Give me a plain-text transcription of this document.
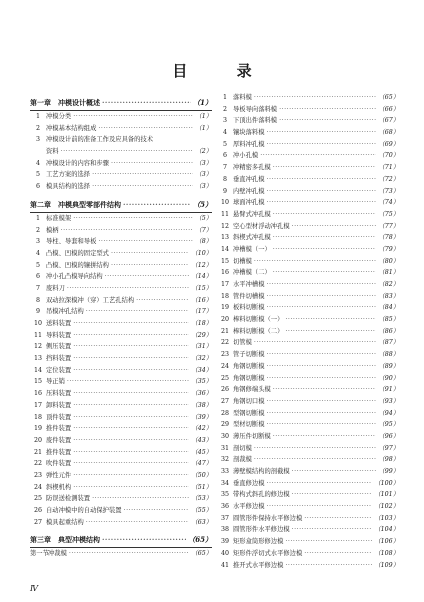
目 录
第一章　冲模设计概述 ·····	（1）
1 冲模分类 ·····	（1）
2 冲模基本结构组成 ·····	（1）
3 冲模设计前的准备工作及应具备的技术
资料 ·····	（2）
4 冲模设计的内容和步骤 ·····	（3）
5 工艺方案的选择 ·····	（3）
6 模具结构的选择 ·····	（3）
第二章　冲模典型零部件结构 ·····	（5）
1 标准模架 ·····	（5）
2 模柄 ·····	（7）
3 导柱、导套和导板 ·····	（8）
4 凸模、凹模的固定型式 ·····	（10）
5 凸模、凹模的镶拼结构 ·····	（12）
6 冲小孔凸模导向结构 ·····	（14）
7 废料刀 ·····	（15）
8 双动拉深模冲（穿）工艺孔结构 ·····	（16）
9 吊模冲孔结构 ·····	（17）
10 送料装置 ·····	（18）
11 导料装置 ·····	（29）
12 侧压装置 ·····	（31）
13 挡料装置 ·····	（32）
14 定位装置 ·····	（34）
15 导正销 ·····	（35）
16 压料装置 ·····	（36）
17 卸料装置 ·····	（38）
18 顶件装置 ·····	（39）
19 推件装置 ·····	（42）
20 废件装置 ·····	（43）
21 推件装置 ·····	（45）
22 吹件装置 ·····	（47）
23 弹性元件 ·····	（50）
24 斜楔机构 ·····	（51）
25 防误送检测装置 ·····	（53）
26 自动冲模中的自动保护装置 ·····	（55）
27 模具起重结构 ·····	（63）
第三章　典型冲模结构 ·····	（65）
第一节 冲裁模 ·····	（65）
1 落料模 ·····	（65）
2 导板导向落料模 ·····	（66）
3 下顶出件落料模 ·····	（67）
4 镶块落料模 ·····	（68）
5 厚料冲孔模 ·····	（69）
6 冲小孔模 ·····	（70）
7 冲精密多孔模 ·····	（71）
8 垂直冲孔模 ·····	（72）
9 内壁冲孔模 ·····	（73）
10 球面冲孔模 ·····	（74）
11 悬臂式冲孔模 ·····	（75）
12 空心型材浮动冲孔模 ·····	（77）
13 斜楔式冲孔模 ·····	（78）
14 冲槽模（一） ·····	（79）
15 切槽模 ·····	（80）
16 冲槽模（二） ·····	（81）
17 水平冲槽模 ·····	（82）
18 管件切槽模 ·····	（83）
19 板料切断模 ·····	（84）
20 棒料切断模（一） ·····	（85）
21 棒料切断模（二） ·····	（86）
22 切管模 ·····	（87）
23 管子切断模 ·····	（88）
24 角钢切断模 ·····	（89）
25 角钢切断模 ·····	（90）
26 角钢修端头模 ·····	（91）
27 角钢切口模 ·····	（93）
28 型钢切断模 ·····	（94）
29 型材切断模 ·····	（95）
30 薄压件切断模 ·····	（96）
31 剖切模 ·····	（97）
32 剖裁模 ·····	（98）
33 薄壁模结构的剖截模 ·····	（99）
34 垂直修边模 ·····	（100）
35 带构式斜孔的修边模 ·····	（101）
36 水平修边模 ·····	（102）
37 圆管形件保持水平修边模 ·····	（103）
38 圆管形件水平修边模 ·····	（104）
39 矩形盒筒形修边模 ·····	（106）
40 矩形件浮切式水平修边模 ·····	（108）
41 推开式水平修边模 ·····	（109）
Ⅳ
